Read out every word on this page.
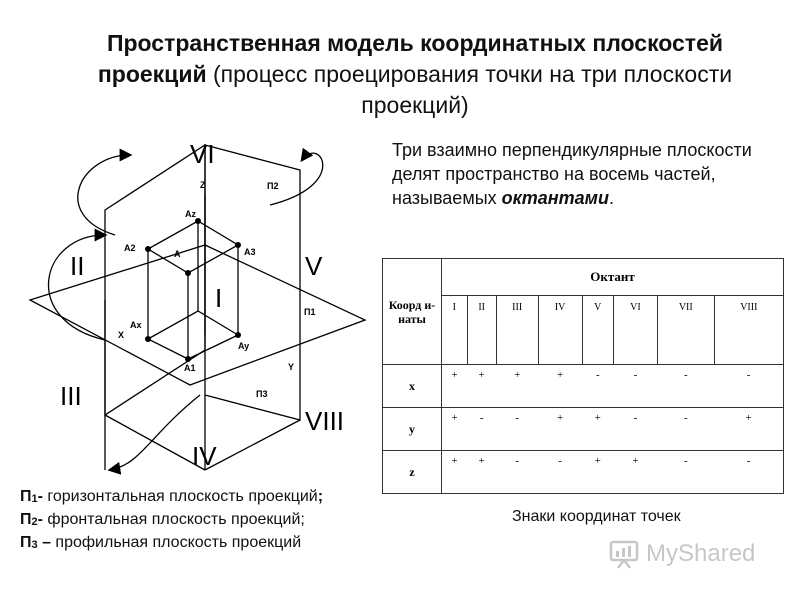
Пространственная модель координатных плоскостей проекций (процесс проецирования точки на три плоскости проекций)
Три взаимно перпендикулярные плоскости делят пространство на восемь частей, называемых октантами.
VI
II	V
I
III
VIII
IV
Z
X
Y
П2
П1
П3
A
Az
A2	A3
Ax
Ay
A1
Коорд и- наты	Октант							
	I	II	III	IV	V	VI	VII	VIII
x	+	+	+	+	-	-	-	-
y	+	-	-	+	+	-	-	+
z	+	+	-	-	+	+	-	-
$П_1-$ горизонтальная плоскость проекций;
$П_2-$ фронтальная плоскость проекций;
$П_3$ – профильная плоскость проекций
Знаки координат точек
MyShared
